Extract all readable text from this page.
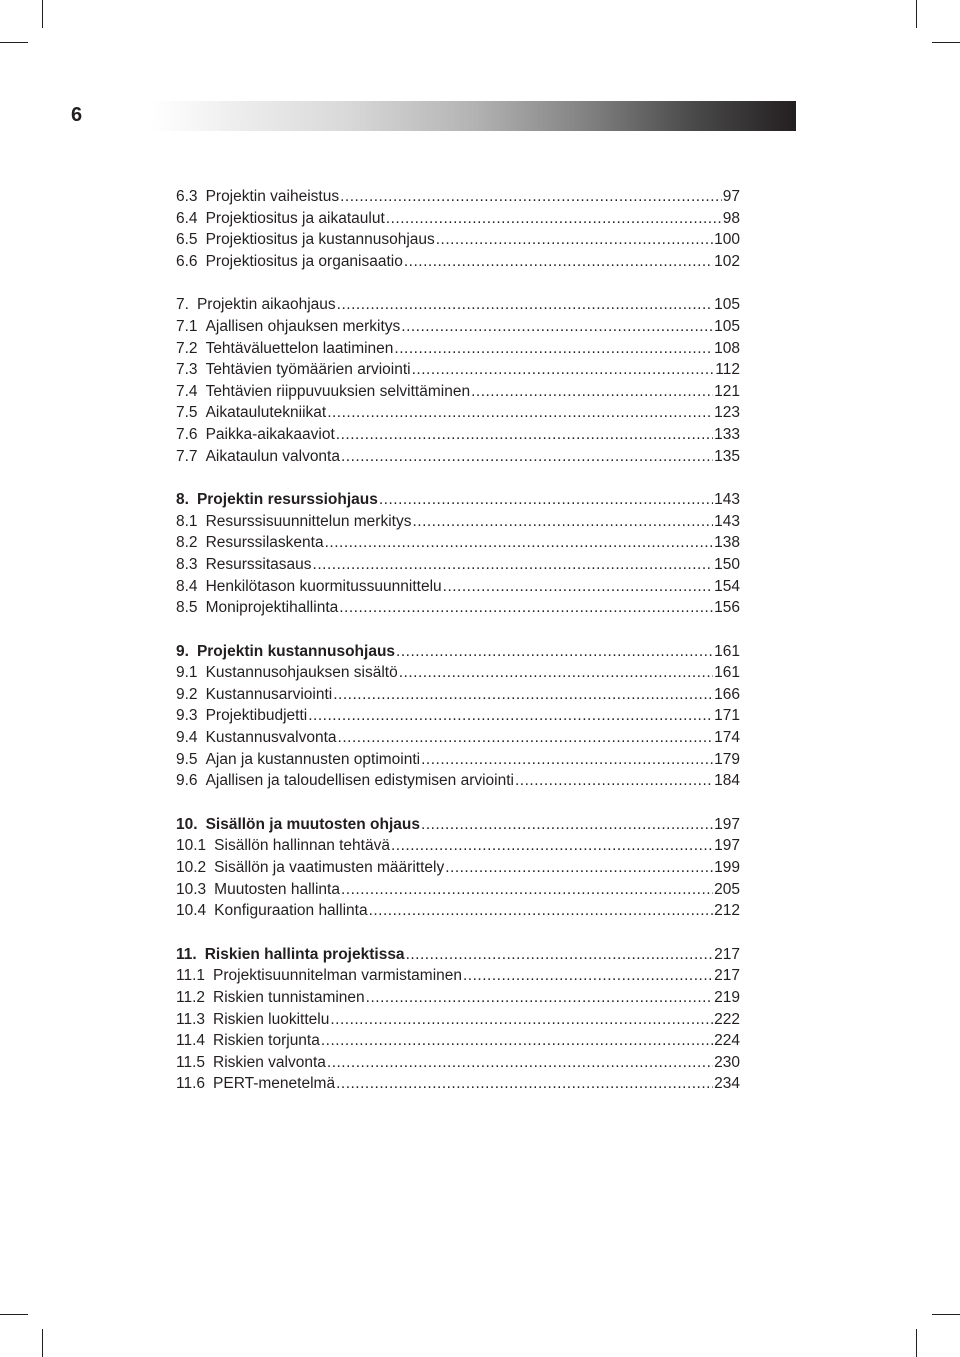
6
6.3 Projektin vaiheistus .....	97
6.4 Projektiositus ja aikataulut .....	98
6.5 Projektiositus ja kustannusohjaus .....	100
6.6 Projektiositus ja organisaatio .....	102
7. Projektin aikaohjaus .....	105
7.1 Ajallisen ohjauksen merkitys .....	105
7.2 Tehtäväluettelon laatiminen .....	108
7.3 Tehtävien työmäärien arviointi .....	112
7.4 Tehtävien riippuvuuksien selvittäminen .....	121
7.5 Aikataulutekniikat .....	123
7.6 Paikka-aikakaaviot .....	133
7.7 Aikataulun valvonta .....	135
8. Projektin resurssiohjaus .....	143
8.1 Resurssisuunnittelun merkitys .....	143
8.2 Resurssilaskenta .....	138
8.3 Resurssitasaus .....	150
8.4 Henkilötason kuormitussuunnittelu .....	154
8.5 Moniprojektihallinta .....	156
9. Projektin kustannusohjaus .....	161
9.1 Kustannusohjauksen sisältö .....	161
9.2 Kustannusarviointi .....	166
9.3 Projektibudjetti .....	171
9.4 Kustannusvalvonta .....	174
9.5 Ajan ja kustannusten optimointi .....	179
9.6 Ajallisen ja taloudellisen edistymisen arviointi .....	184
10. Sisällön ja muutosten ohjaus .....	197
10.1 Sisällön hallinnan tehtävä .....	197
10.2 Sisällön ja vaatimusten määrittely .....	199
10.3 Muutosten hallinta .....	205
10.4 Konfiguraation hallinta .....	212
11. Riskien hallinta projektissa .....	217
11.1 Projektisuunnitelman varmistaminen .....	217
11.2 Riskien tunnistaminen .....	219
11.3 Riskien luokittelu .....	222
11.4 Riskien torjunta .....	224
11.5 Riskien valvonta .....	230
11.6 PERT-menetelmä .....	234
